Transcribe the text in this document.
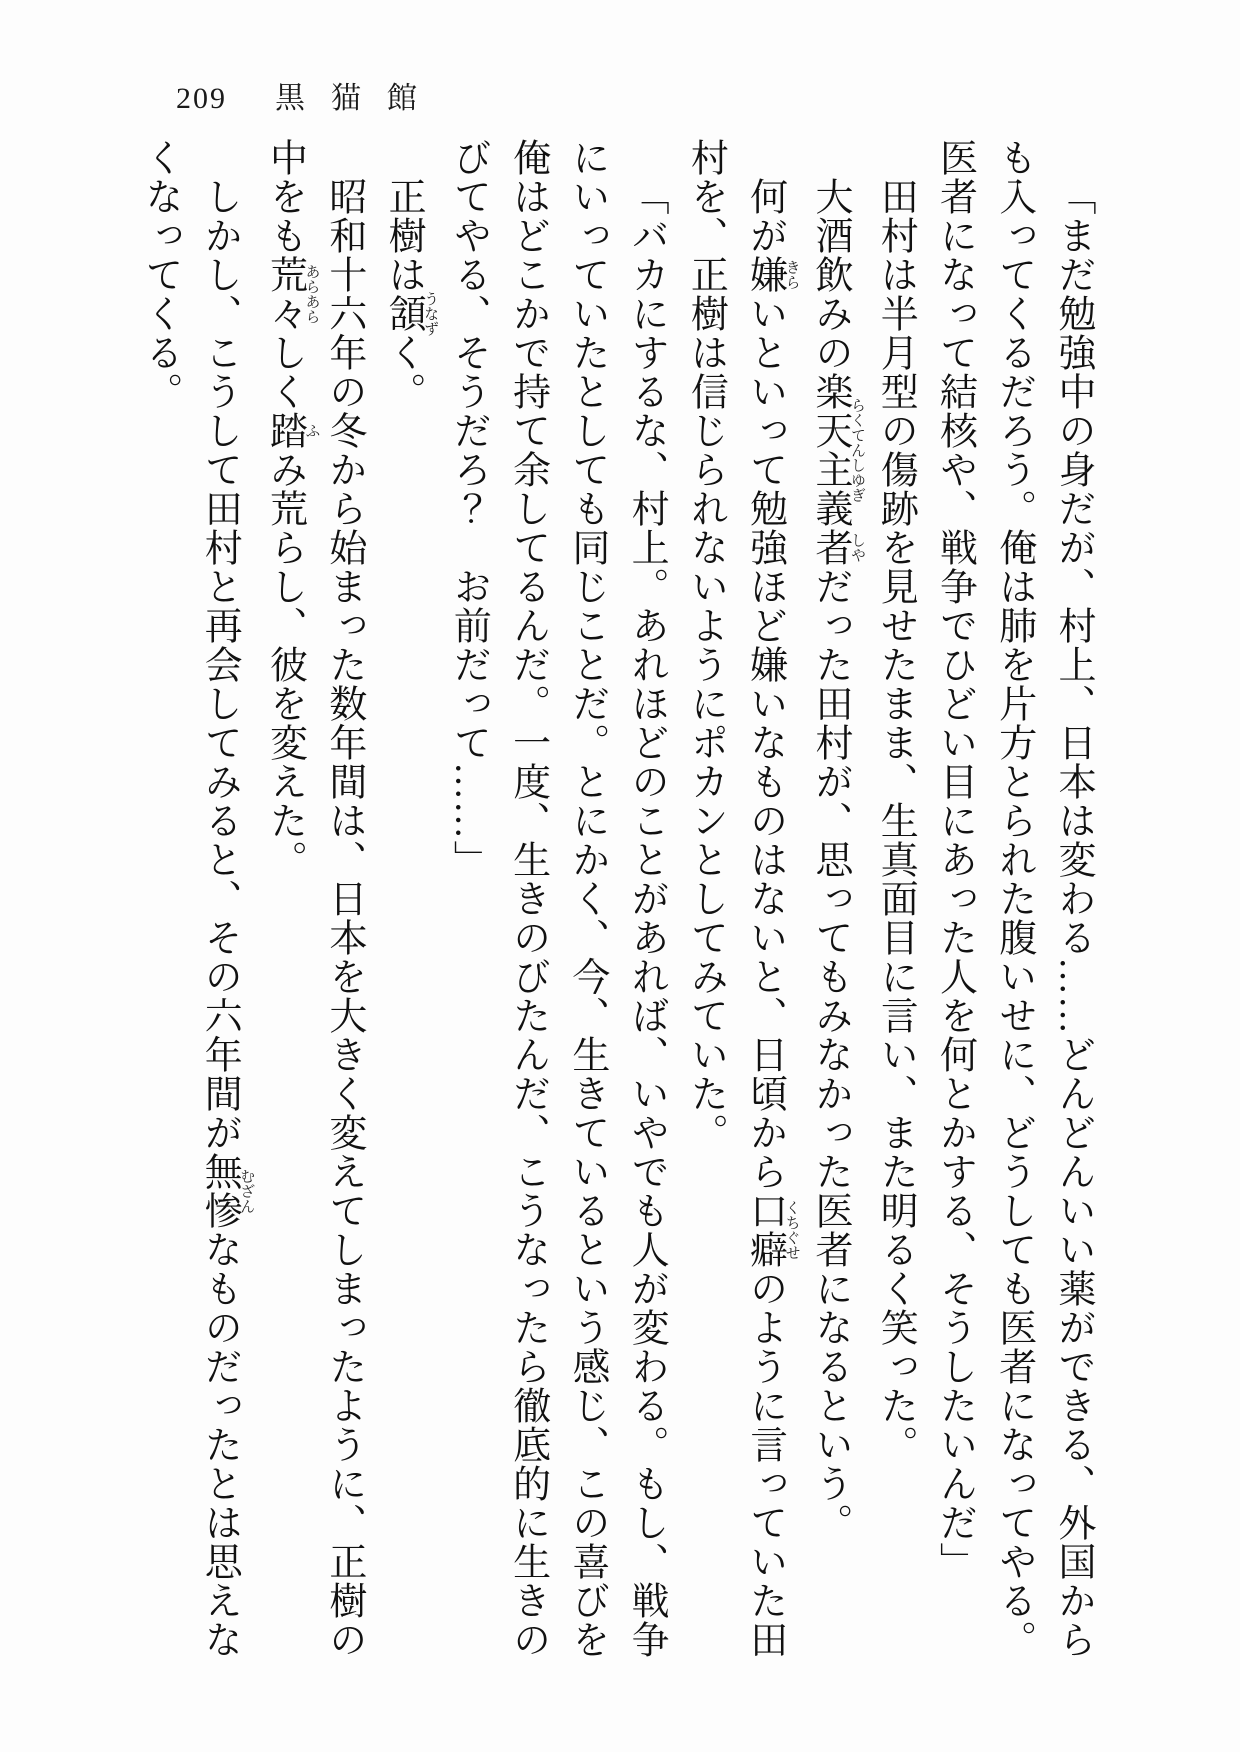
209 黒猫館

「まだ勉強中の身だが、村上、日本は変わる……どんどんいい薬ができる、外国からも入ってくるだろう。俺は肺を片方とられた腹いせに、どうしても医者になってやる。医者になって結核や、戦争でひどい目にあった人を何とかする、そうしたいんだ」

田村は半月型の傷跡を見せたまま、生真面目に言い、また明るく笑った。

大酒飲みの楽天主義らくてんしゆぎ者しやだった田村が、思ってもみなかった医者になるという。

何が嫌きらいといって勉強ほど嫌いなものはないと、日頃から口癖くちぐせのように言っていた田村を、正樹は信じられないようにポカンとしてみていた。

「バカにするな、村上。あれほどのことがあれば、いやでも人が変わる。もし、戦争にいっていたとしても同じことだ。とにかく、今、生きているという感じ、この喜びを俺はどこかで持て余してるんだ。一度、生きのびたんだ、こうなったら徹底的に生きのびてやる、そうだろ？　お前だって……」

正樹は頷うなずく。

昭和十六年の冬から始まった数年間は、日本を大きく変えてしまったように、正樹の中をも荒々あらあらしく踏ふみ荒らし、彼を変えた。

しかし、こうして田村と再会してみると、その六年間が無惨むざんなものだったとは思えなくなってくる。
